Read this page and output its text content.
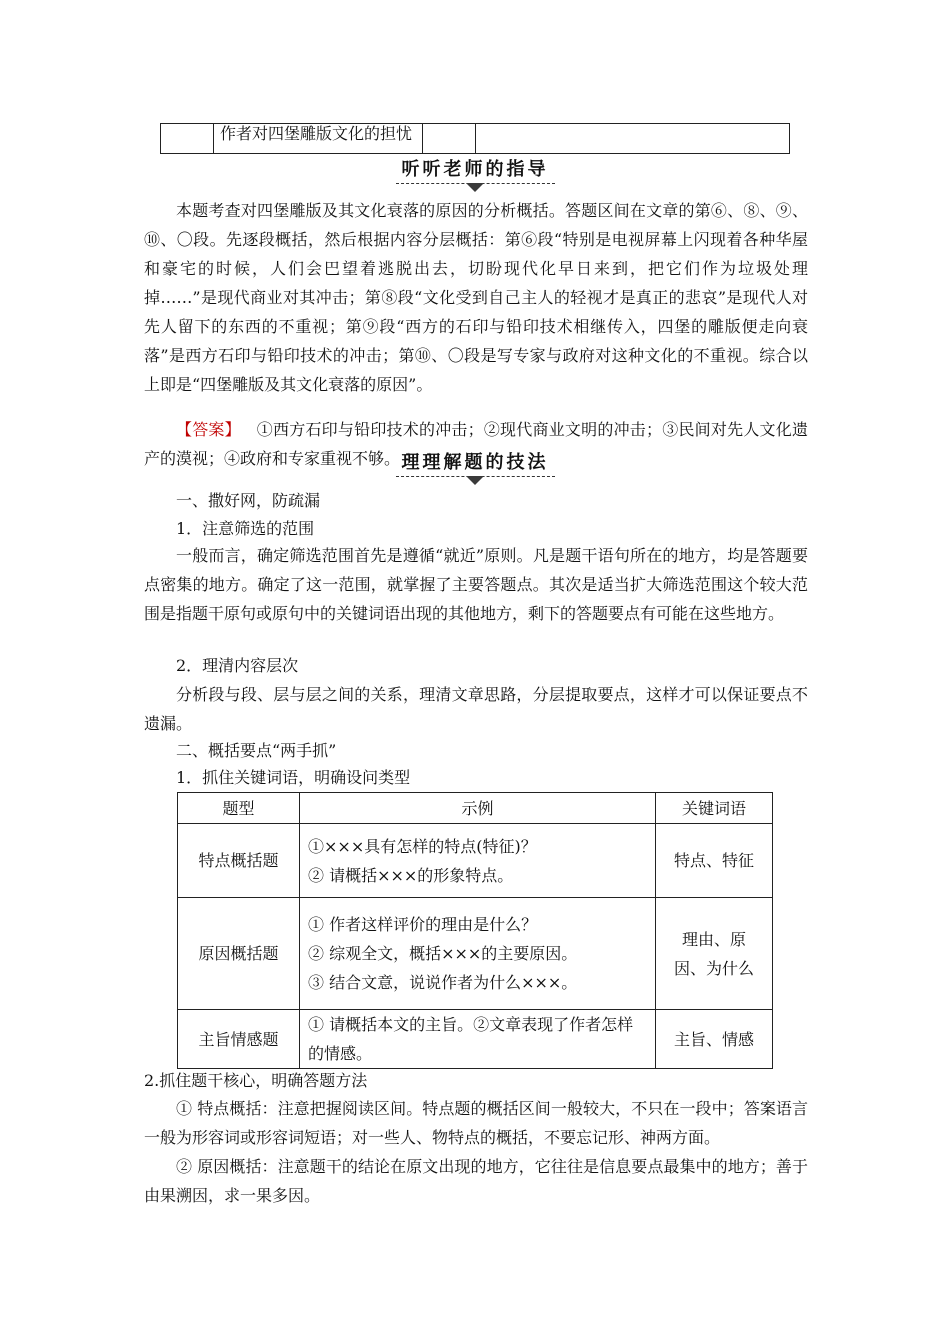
	作者对四堡雕版文化的担忧		
听听老师的指导
本题考查对四堡雕版及其文化衰落的原因的分析概括。答题区间在文章的第⑥、⑧、⑨、⑩、〇段。先逐段概括，然后根据内容分层概括：第⑥段“特别是电视屏幕上闪现着各种华屋和豪宅的时候，人们会巴望着逃脱出去，切盼现代化早日来到，把它们作为垃圾处理掉……”是现代商业对其冲击；第⑧段“文化受到自己主人的轻视才是真正的悲哀”是现代人对先人留下的东西的不重视；第⑨段“西方的石印与铅印技术相继传入，四堡的雕版便走向衰落”是西方石印与铅印技术的冲击；第⑩、〇段是写专家与政府对这种文化的不重视。综合以上即是“四堡雕版及其文化衰落的原因”。
【答案】 ①西方石印与铅印技术的冲击；②现代商业文明的冲击；③民间对先人文化遗产的漠视；④政府和专家重视不够。 理理解题的技法
一、撒好网，防疏漏
1．注意筛选的范围
一般而言，确定筛选范围首先是遵循“就近”原则。凡是题干语句所在的地方，均是答题要点密集的地方。确定了这一范围，就掌握了主要答题点。其次是适当扩大筛选范围这个较大范围是指题干原句或原句中的关键词语出现的其他地方，剩下的答题要点有可能在这些地方。
2．理清内容层次
分析段与段、层与层之间的关系，理清文章思路，分层提取要点，这样才可以保证要点不遗漏。
二、概括要点“两手抓”
1．抓住关键词语，明确设问类型
题型	示例	关键词语
特点概括题	①×××具有怎样的特点(特征)？
② 请概括×××的形象特点。	特点、特征
原因概括题	① 作者这样评价的理由是什么？
② 综观全文，概括×××的主要原因。
③ 结合文意，说说作者为什么×××。	理由、原因、为什么
主旨情感题	① 请概括本文的主旨。②文章表现了作者怎样的情感。	主旨、情感
2.抓住题干核心，明确答题方法
① 特点概括：注意把握阅读区间。特点题的概括区间一般较大，不只在一段中；答案语言一般为形容词或形容词短语；对一些人、物特点的概括，不要忘记形、神两方面。
② 原因概括：注意题干的结论在原文出现的地方，它往往是信息要点最集中的地方；善于由果溯因，求一果多因。
